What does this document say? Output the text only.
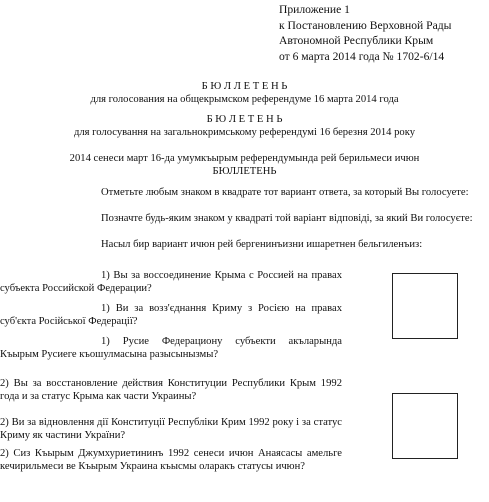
Приложение 1
к Постановлению Верховной Рады
Автономной Республики Крым
от 6 марта 2014 года № 1702-6/14
Б Ю Л Л Е Т Е Н Ь
для голосования на общекрымском референдуме 16 марта 2014 года
Б Ю Л Е Т Е Н Ь
для голосування на загальнокримському референдумі 16 березня 2014 року
2014 сенеси март 16-да умумкъырым референдумында рей берильмеси ичюн
БЮЛЛЕТЕНЬ
Отметьте любым знаком в квадрате тот вариант ответа, за который Вы голосуете:
Позначте будь-яким знаком у квадраті той варіант відповіді, за який Ви голосуєте:
Насыл бир вариант ичюн рей бергенинъизни ишаретнен бельгиленъиз:
1) Вы за воссоединение Крыма с Россией на правах субъекта Российской Федерации?
1) Ви за возз'єднання Криму з Росією на правах суб'єкта Російської Федерації?
1) Русие Федерациону субъекти акъларында Къырым Русиеге къошулмасына разысынызмы?
2) Вы за восстановление действия Конституции Республики Крым 1992 года и за статус Крыма как части Украины?
2) Ви за відновлення дії Конституції Республіки Крим 1992 року і за статус Криму як частини України?
2) Сиз Къырым Джумхуриетининъ 1992 сенеси ичюн Анаясасы амельге кечирильмеси ве Къырым Украина къысмы оларакъ статусы ичюн?
